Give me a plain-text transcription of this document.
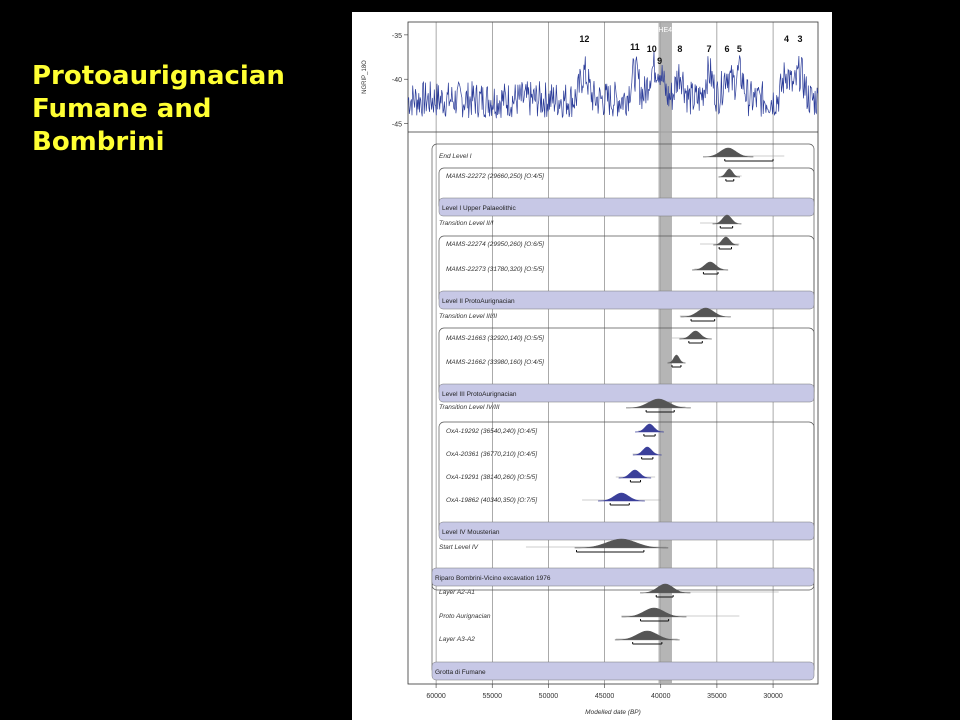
Protoaurignacian
Fumane and
Bombrini
HE4
NGRIP_18O
-35
-40
-45
12
11 10
9
8	7 6 5
4 3
Level I Upper Palaeolithic
Level II ProtoAurignacian
Level III ProtoAurignacian
Level IV Mousterian
Riparo Bombrini-Vicino excavation 1976
Grotta di Fumane
End Level I
MAMS-22272 (29660,250) [O:4/5]
Transition Level II/I
MAMS-22274 (29950,260) [O:6/5]
MAMS-22273 (31780,320) [O:5/5]
Transition Level III/II
MAMS-21663 (32920,140) [O:5/5]
MAMS-21662 (33980,160) [O:4/5]
Transition Level IV/III
OxA-19292 (36540,240) [O:4/5]
OxA-20361 (36770,210) [O:4/5]
OxA-19291 (38140,260) [O:5/5]
OxA-19862 (40340,350) [O:7/5]
Start Level IV
Layer A2-A1
Proto Aurignacian
Layer A3-A2
60000	55000	50000	45000	40000	35000	30000
Modelled date (BP)
